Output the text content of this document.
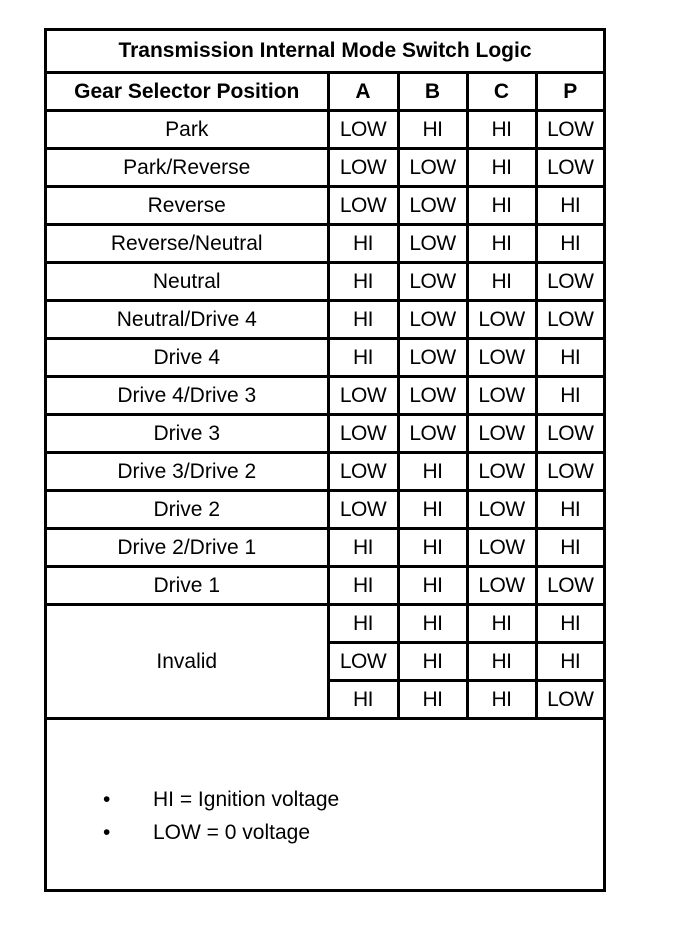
Transmission Internal Mode Switch Logic
Gear Selector Position	A	B	C	P
Park	LOW	HI	HI	LOW
Park/Reverse	LOW	LOW	HI	LOW
Reverse	LOW	LOW	HI	HI
Reverse/Neutral	HI	LOW	HI	HI
Neutral	HI	LOW	HI	LOW
Neutral/Drive 4	HI	LOW	LOW	LOW
Drive 4	HI	LOW	LOW	HI
Drive 4/Drive 3	LOW	LOW	LOW	HI
Drive 3	LOW	LOW	LOW	LOW
Drive 3/Drive 2	LOW	HI	LOW	LOW
Drive 2	LOW	HI	LOW	HI
Drive 2/Drive 1	HI	HI	LOW	HI
Drive 1	HI	HI	LOW	LOW
Invalid	HI	HI	HI	HI
	LOW	HI	HI	HI
	HI	HI	HI	LOW
• HI = Ignition voltage
• LOW = 0 voltage
